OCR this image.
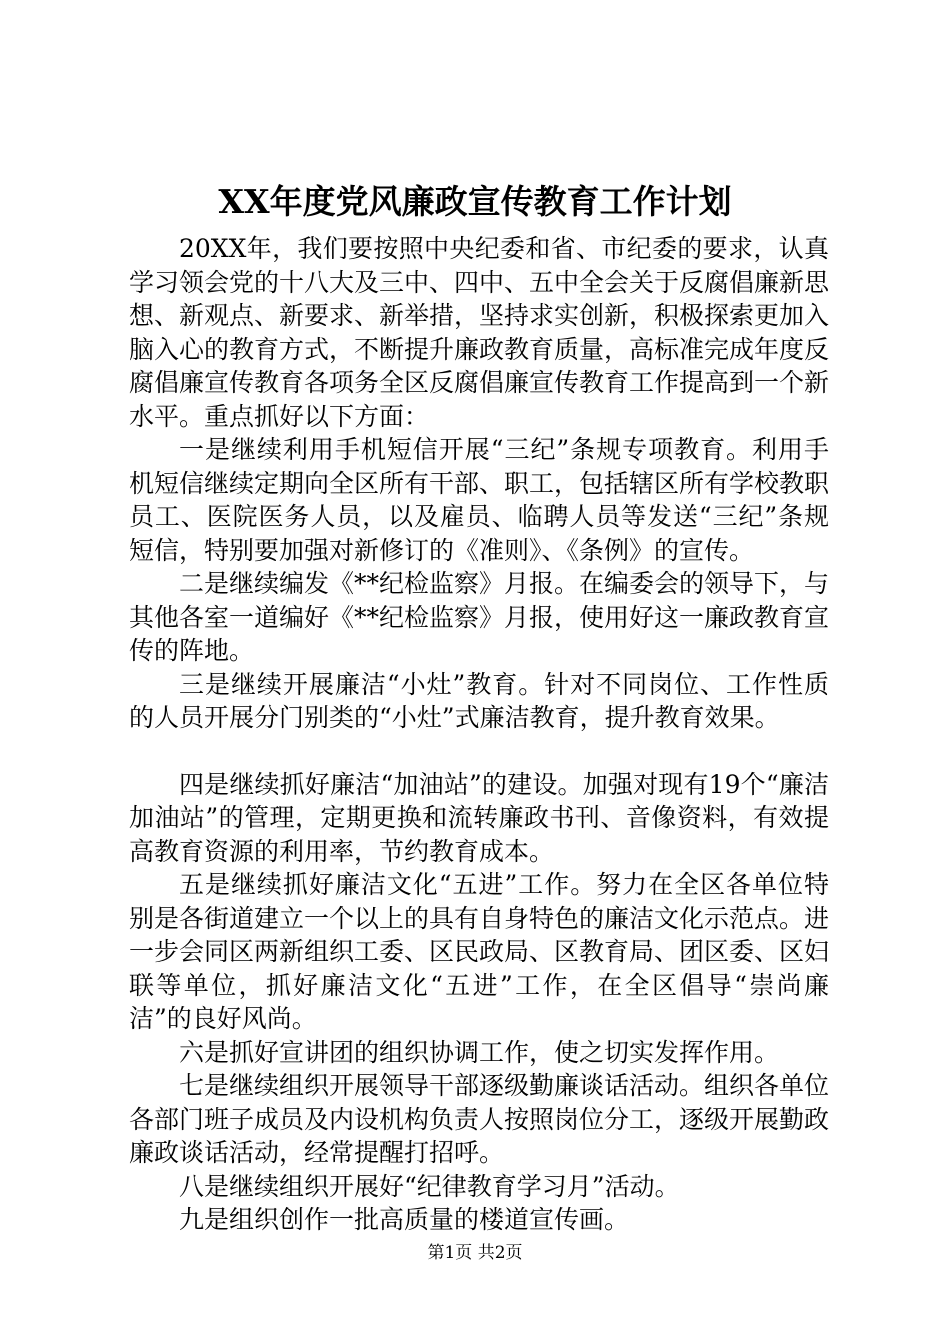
XX年度党风廉政宣传教育工作计划

20XX年，我们要按照中央纪委和省、市纪委的要求，认真学习领会党的十八大及三中、四中、五中全会关于反腐倡廉新思想、新观点、新要求、新举措，坚持求实创新，积极探索更加入脑入心的教育方式，不断提升廉政教育质量，高标准完成年度反腐倡廉宣传教育各项务全区反腐倡廉宣传教育工作提高到一个新水平。重点抓好以下方面：

一是继续利用手机短信开展“三纪”条规专项教育。利用手机短信继续定期向全区所有干部、职工，包括辖区所有学校教职员工、医院医务人员，以及雇员、临聘人员等发送“三纪”条规短信，特别要加强对新修订的《准则》、《条例》的宣传。

二是继续编发《**纪检监察》月报。在编委会的领导下，与其他各室一道编好《**纪检监察》月报，使用好这一廉政教育宣传的阵地。

三是继续开展廉洁“小灶”教育。针对不同岗位、工作性质的人员开展分门别类的“小灶”式廉洁教育，提升教育效果。

四是继续抓好廉洁“加油站”的建设。加强对现有19个“廉洁加油站”的管理，定期更换和流转廉政书刊、音像资料，有效提高教育资源的利用率，节约教育成本。

五是继续抓好廉洁文化“五进”工作。努力在全区各单位特别是各街道建立一个以上的具有自身特色的廉洁文化示范点。进一步会同区两新组织工委、区民政局、区教育局、团区委、区妇联等单位，抓好廉洁文化“五进”工作，在全区倡导“崇尚廉洁”的良好风尚。

六是抓好宣讲团的组织协调工作，使之切实发挥作用。

七是继续组织开展领导干部逐级勤廉谈话活动。组织各单位各部门班子成员及内设机构负责人按照岗位分工，逐级开展勤政廉政谈话活动，经常提醒打招呼。

八是继续组织开展好“纪律教育学习月”活动。

九是组织创作一批高质量的楼道宣传画。

第1页 共2页
